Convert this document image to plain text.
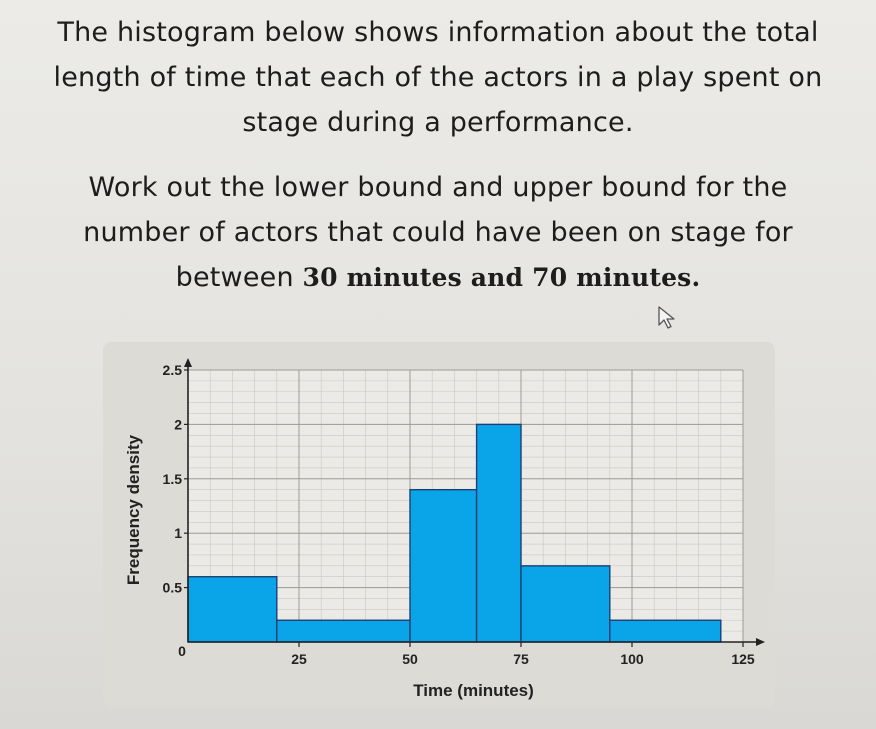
The histogram below shows information about the total
length of time that each of the actors in a play spent on
stage during a performance.
Work out the lower bound and upper bound for the
number of actors that could have been on stage for
between 30 minutes and 70 minutes.
0	25	50	75	100	125
0.5
1
1.5
2
2.5
Time (minutes)
Frequency density
